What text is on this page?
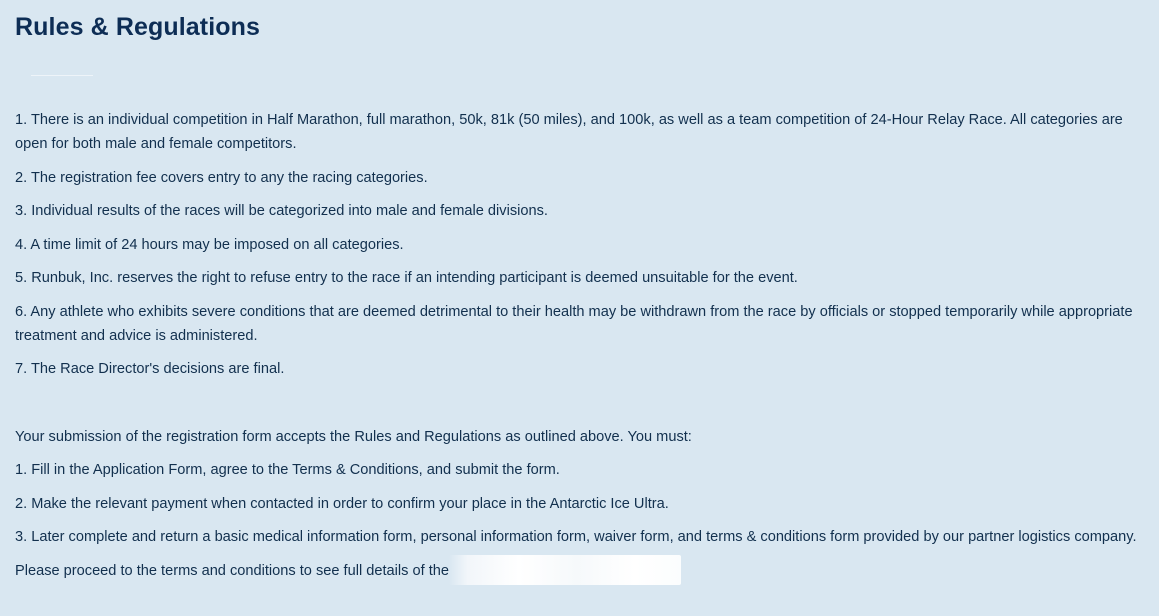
Rules & Regulations

1. There is an individual competition in Half Marathon, full marathon, 50k, 81k (50 miles), and 100k, as well as a team competition of 24-Hour Relay Race. All categories are open for both male and female competitors.

2. The registration fee covers entry to any the racing categories.

3. Individual results of the races will be categorized into male and female divisions.

4. A time limit of 24 hours may be imposed on all categories.

5. Runbuk, Inc. reserves the right to refuse entry to the race if an intending participant is deemed unsuitable for the event.

6. Any athlete who exhibits severe conditions that are deemed detrimental to their health may be withdrawn from the race by officials or stopped temporarily while appropriate treatment and advice is administered.

7. The Race Director's decisions are final.

Your submission of the registration form accepts the Rules and Regulations as outlined above. You must:

1. Fill in the Application Form, agree to the Terms & Conditions, and submit the form.

2. Make the relevant payment when contacted in order to confirm your place in the Antarctic Ice Ultra.

3. Later complete and return a basic medical information form, personal information form, waiver form, and terms & conditions form provided by our partner logistics company.

Please proceed to the terms and conditions to see full details of the
